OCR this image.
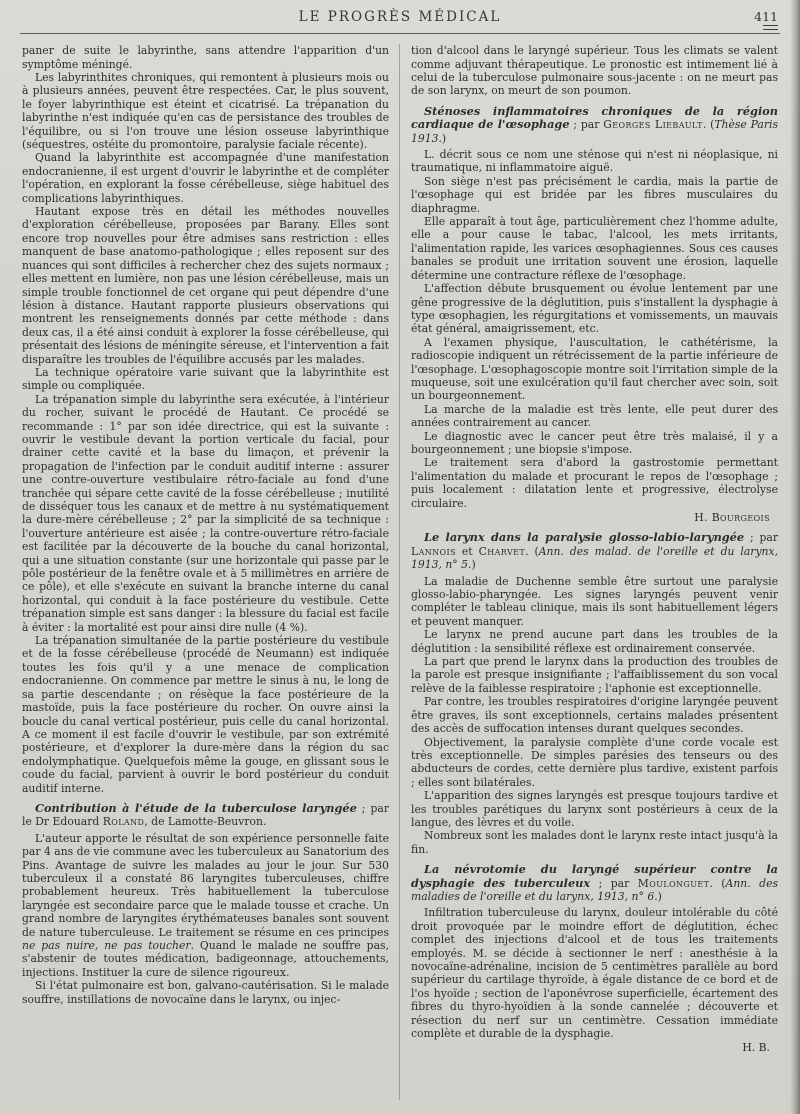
LE PROGRÈS MÉDICAL	411

paner de suite le labyrinthe, sans attendre l'apparition d'un symptôme méningé.

Les labyrinthites chroniques, qui remontent à plusieurs mois ou à plusieurs années, peuvent être respectées. Car, le plus souvent, le foyer labyrinthique est éteint et cicatrisé. La trépanation du labyrinthe n'est indiquée qu'en cas de persistance des troubles de l'équilibre, ou si l'on trouve une lésion osseuse labyrinthique (séquestres, ostéite du promontoire, paralysie faciale récente).

Quand la labyrinthite est accompagnée d'une manifestation endocranienne, il est urgent d'ouvrir le labyrinthe et de compléter l'opération, en explorant la fosse cérébelleuse, siège habituel des complications labyrinthiques.

Hautant expose très en détail les méthodes nouvelles d'exploration cérébelleuse, proposées par Barany. Elles sont encore trop nouvelles pour être admises sans restriction : elles manquent de base anatomo-pathologique ; elles reposent sur des nuances qui sont difficiles à rechercher chez des sujets normaux ; elles mettent en lumière, non pas une lésion cérébelleuse, mais un simple trouble fonctionnel de cet organe qui peut dépendre d'une lésion à distance. Hautant rapporte plusieurs observations qui montrent les renseignements donnés par cette méthode : dans deux cas, il a été ainsi conduit à explorer la fosse cérébelleuse, qui présentait des lésions de méningite séreuse, et l'intervention a fait disparaître les troubles de l'équilibre accusés par les malades.

La technique opératoire varie suivant que la labyrinthite est simple ou compliquée.

La trépanation simple du labyrinthe sera exécutée, à l'intérieur du rocher, suivant le procédé de Hautant. Ce procédé se recommande : 1° par son idée directrice, qui est la suivante : ouvrir le vestibule devant la portion verticale du facial, pour drainer cette cavité et la base du limaçon, et prévenir la propagation de l'infection par le conduit auditif interne : assurer une contre-ouverture vestibulaire rétro-faciale au fond d'une tranchée qui sépare cette cavité de la fosse cérébelleuse ; inutilité de disséquer tous les canaux et de mettre à nu systématiquement la dure-mère cérébelleuse ; 2° par la simplicité de sa technique : l'ouverture antérieure est aisée ; la contre-ouverture rétro-faciale est facilitée par la découverte de la bouche du canal horizontal, qui a une situation constante (sur une horizontale qui passe par le pôle postérieur de la fenêtre ovale et à 5 millimètres en arrière de ce pôle), et elle s'exécute en suivant la branche interne du canal horizontal, qui conduit à la face postérieure du vestibule. Cette trépanation simple est sans danger : la blessure du facial est facile à éviter : la mortalité est pour ainsi dire nulle (4 %).

La trépanation simultanée de la partie postérieure du vestibule et de la fosse cérébelleuse (procédé de Neumann) est indiquée toutes les fois qu'il y a une menace de complication endocranienne. On commence par mettre le sinus à nu, le long de sa partie descendante ; on résèque la face postérieure de la mastoïde, puis la face postérieure du rocher. On ouvre ainsi la boucle du canal vertical postérieur, puis celle du canal horizontal. A ce moment il est facile d'ouvrir le vestibule, par son extrémité postérieure, et d'explorer la dure-mère dans la région du sac endolymphatique. Quelquefois même la gouge, en glissant sous le coude du facial, parvient à ouvrir le bord postérieur du conduit auditif interne.

Contribution à l'étude de la tuberculose laryngée ; par le Dr Edouard Roland, de Lamotte-Beuvron.

L'auteur apporte le résultat de son expérience personnelle faite par 4 ans de vie commune avec les tuberculeux au Sanatorium des Pins. Avantage de suivre les malades au jour le jour. Sur 530 tuberculeux il a constaté 86 laryngites tuberculeuses, chiffre probablement heureux. Très habituellement la tuberculose laryngée est secondaire parce que le malade tousse et crache. Un grand nombre de laryngites érythémateuses banales sont souvent de nature tuberculeuse. Le traitement se résume en ces principes ne pas nuire, ne pas toucher. Quand le malade ne souffre pas, s'abstenir de toutes médication, badigeonnage, attouchements, injections. Instituer la cure de silence rigoureux.

Si l'état pulmonaire est bon, galvano-cautérisation. Si le malade souffre, instillations de novocaïne dans le larynx, ou injec-

tion d'alcool dans le laryngé supérieur. Tous les climats se valent comme adjuvant thérapeutique. Le pronostic est intimement lié à celui de la tuberculose pulmonaire sous-jacente : on ne meurt pas de son larynx, on meurt de son poumon.

Sténoses inflammatoires chroniques de la région cardiaque de l'œsophage ; par Georges Liebault. (Thèse Paris 1913.)

L. décrit sous ce nom une sténose qui n'est ni néoplasique, ni traumatique, ni inflammatoire aiguë.

Son siège n'est pas précisément le cardia, mais la partie de l'œsophage qui est bridée par les fibres musculaires du diaphragme.

Elle apparaît à tout âge, particulièrement chez l'homme adulte, elle a pour cause le tabac, l'alcool, les mets irritants, l'alimentation rapide, les varices œsophagiennes. Sous ces causes banales se produit une irritation souvent une érosion, laquelle détermine une contracture réflexe de l'œsophage.

L'affection débute brusquement ou évolue lentement par une gêne progressive de la déglutition, puis s'installent la dysphagie à type œsophagien, les régurgitations et vomissements, un mauvais état général, amaigrissement, etc.

A l'examen physique, l'auscultation, le cathétérisme, la radioscopie indiquent un rétrécissement de la partie inférieure de l'œsophage. L'œsophagoscopie montre soit l'irritation simple de la muqueuse, soit une exulcération qu'il faut chercher avec soin, soit un bourgeonnement.

La marche de la maladie est très lente, elle peut durer des années contrairement au cancer.

Le diagnostic avec le cancer peut être très malaisé, il y a bourgeonnement ; une biopsie s'impose.

Le traitement sera d'abord la gastrostomie permettant l'alimentation du malade et procurant le repos de l'œsophage ; puis localement : dilatation lente et progressive, électrolyse circulaire.

H. Bourgeois

Le larynx dans la paralysie glosso-labio-laryngée ; par Lannois et Charvet. (Ann. des malad. de l'oreille et du larynx, 1913, n° 5.)

La maladie de Duchenne semble être surtout une paralysie glosso-labio-pharyngée. Les signes laryngés peuvent venir compléter le tableau clinique, mais ils sont habituellement légers et peuvent manquer.

Le larynx ne prend aucune part dans les troubles de la déglutition : la sensibilité réflexe est ordinairement conservée.

La part que prend le larynx dans la production des troubles de la parole est presque insignifiante ; l'affaiblissement du son vocal relève de la faiblesse respiratoire ; l'aphonie est exceptionnelle.

Par contre, les troubles respiratoires d'origine laryngée peuvent être graves, ils sont exceptionnels, certains malades présentent des accès de suffocation intenses durant quelques secondes.

Objectivement, la paralysie complète d'une corde vocale est très exceptionnelle. De simples parésies des tenseurs ou des abducteurs de cordes, cette dernière plus tardive, existent parfois ; elles sont bilatérales.

L'apparition des signes laryngés est presque toujours tardive et les troubles parétiques du larynx sont postérieurs à ceux de la langue, des lèvres et du voile.

Nombreux sont les malades dont le larynx reste intact jusqu'à la fin.

La névrotomie du laryngé supérieur contre la dysphagie des tuberculeux ; par Moulonguet. (Ann. des maladies de l'oreille et du larynx, 1913, n° 6.)

Infiltration tuberculeuse du larynx, douleur intolérable du côté droit provoquée par le moindre effort de déglutition, échec complet des injections d'alcool et de tous les traitements employés. M. se décide à sectionner le nerf : anesthésie à la novocaïne-adrénaline, incision de 5 centimètres parallèle au bord supérieur du cartilage thyroïde, à égale distance de ce bord et de l'os hyoïde ; section de l'aponévrose superficielle, écartement des fibres du thyro-hyoïdien à la sonde cannelée ; découverte et résection du nerf sur un centimètre. Cessation immédiate complète et durable de la dysphagie.

H. B.
